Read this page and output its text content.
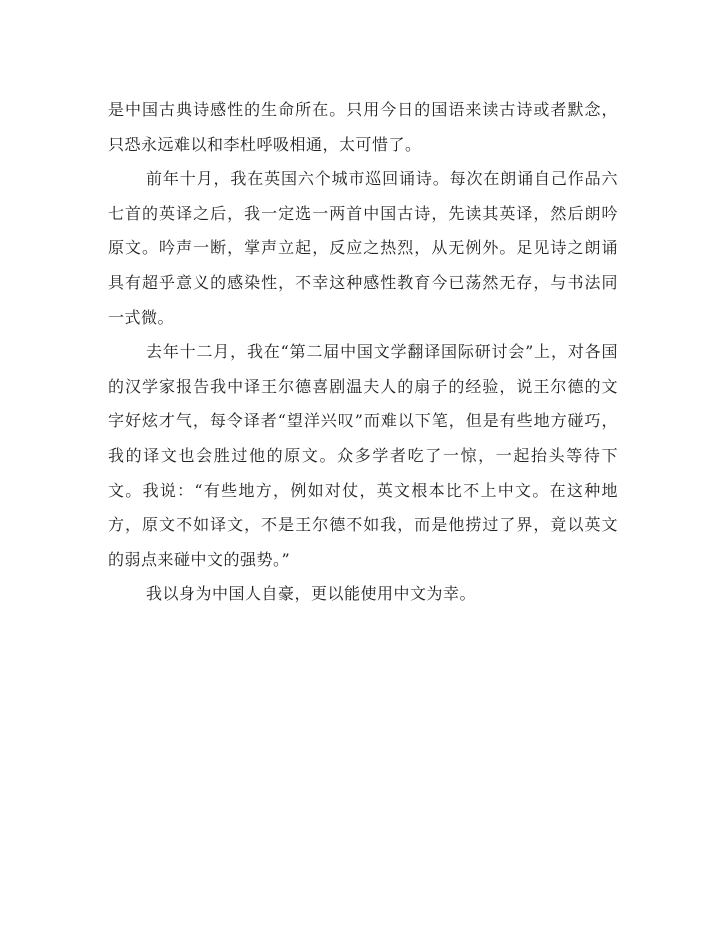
是中国古典诗感性的生命所在。只用今日的国语来读古诗或者默念，只恐永远难以和李杜呼吸相通，太可惜了。

前年十月，我在英国六个城市巡回诵诗。每次在朗诵自己作品六七首的英译之后，我一定选一两首中国古诗，先读其英译，然后朗吟原文。吟声一断，掌声立起，反应之热烈，从无例外。足见诗之朗诵具有超乎意义的感染性，不幸这种感性教育今已荡然无存，与书法同一式微。

去年十二月，我在“第二届中国文学翻译国际研讨会”上，对各国的汉学家报告我中译王尔德喜剧温夫人的扇子的经验，说王尔德的文字好炫才气，每令译者“望洋兴叹”而难以下笔，但是有些地方碰巧，我的译文也会胜过他的原文。众多学者吃了一惊，一起抬头等待下文。我说：“有些地方，例如对仗，英文根本比不上中文。在这种地方，原文不如译文，不是王尔德不如我，而是他捞过了界，竟以英文的弱点来碰中文的强势。”

我以身为中国人自豪，更以能使用中文为幸。
